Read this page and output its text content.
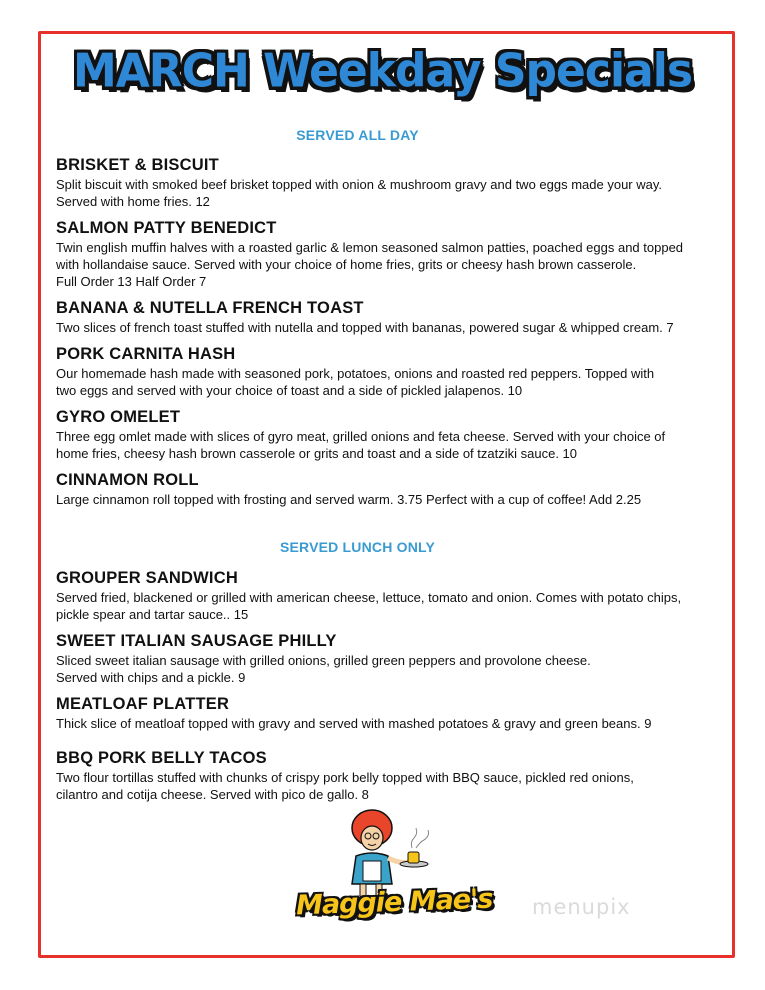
MARCH Weekday Specials
SERVED ALL DAY
BRISKET & BISCUIT
Split biscuit with smoked beef brisket topped with onion & mushroom gravy and two eggs made your way.
Served with home fries. 12
SALMON PATTY BENEDICT
Twin english muffin halves with a roasted garlic & lemon seasoned salmon patties, poached eggs and topped
with hollandaise sauce. Served with your choice of home fries, grits or cheesy hash brown casserole.
Full Order 13 Half Order 7
BANANA & NUTELLA FRENCH TOAST
Two slices of french toast stuffed with nutella and topped with bananas, powered sugar & whipped cream. 7
PORK CARNITA HASH
Our homemade hash made with seasoned pork, potatoes, onions and roasted red peppers. Topped with
two eggs and served with your choice of toast and a side of pickled jalapenos. 10
GYRO OMELET
Three egg omlet made with slices of gyro meat, grilled onions and feta cheese. Served with your choice of
home fries, cheesy hash brown casserole or grits and toast and a side of tzatziki sauce. 10
CINNAMON ROLL
Large cinnamon roll topped with frosting and served warm. 3.75 Perfect with a cup of coffee! Add 2.25
SERVED LUNCH ONLY
GROUPER SANDWICH
Served fried, blackened or grilled with american cheese, lettuce, tomato and onion. Comes with potato chips,
pickle spear and tartar sauce.. 15
SWEET ITALIAN SAUSAGE PHILLY
Sliced sweet italian sausage with grilled onions, grilled green peppers and provolone cheese.
Served with chips and a pickle. 9
MEATLOAF PLATTER
Thick slice of meatloaf topped with gravy and served with mashed potatoes & gravy and green beans. 9
BBQ PORK BELLY TACOS
Two flour tortillas stuffed with chunks of crispy pork belly topped with BBQ sauce, pickled red onions,
cilantro and cotija cheese. Served with pico de gallo. 8
Maggie Mae's menupix
